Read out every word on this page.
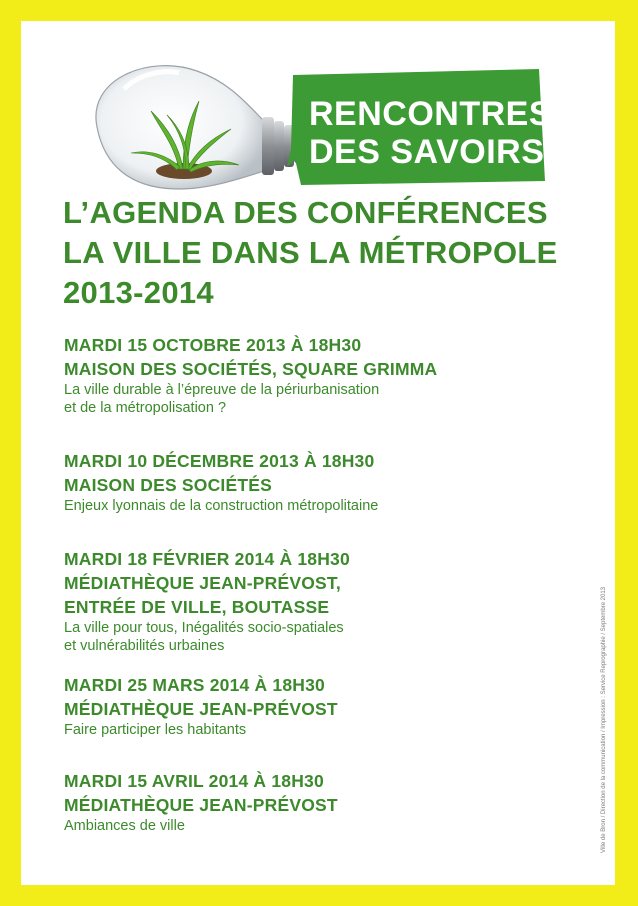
RENCONTRES
DES SAVOIRS
L’AGENDA DES CONFÉRENCES
LA VILLE DANS LA MÉTROPOLE
2013-2014
MARDI 15 OCTOBRE 2013 À 18H30
MAISON DES SOCIÉTÉS, SQUARE GRIMMA
La ville durable à l’épreuve de la périurbanisation
et de la métropolisation ?
MARDI 10 DÉCEMBRE 2013 À 18H30
MAISON DES SOCIÉTÉS
Enjeux lyonnais de la construction métropolitaine
MARDI 18 FÉVRIER 2014 À 18H30
MÉDIATHÈQUE JEAN-PRÉVOST,
ENTRÉE DE VILLE, BOUTASSE
La ville pour tous, Inégalités socio-spatiales
et vulnérabilités urbaines
MARDI 25 MARS 2014 À 18H30
MÉDIATHÈQUE JEAN-PRÉVOST
Faire participer les habitants
MARDI 15 AVRIL 2014 À 18H30
MÉDIATHÈQUE JEAN-PRÉVOST
Ambiances de ville	Ville de Bron / Direction de la communication / Impression : Service Reprographie / Septembre 2013
